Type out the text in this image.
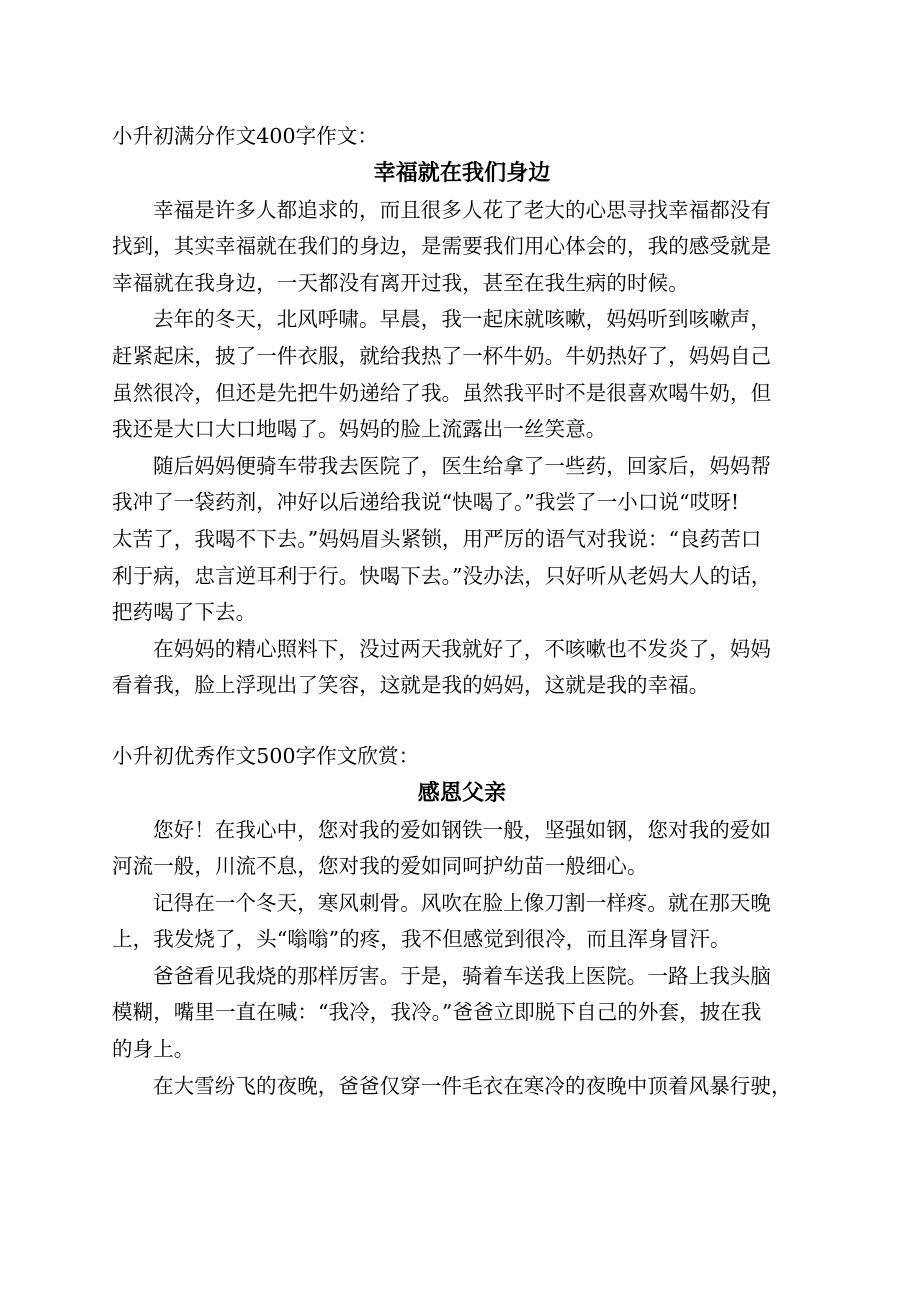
小升初满分作文400字作文：

幸福就在我们身边

幸福是许多人都追求的，而且很多人花了老大的心思寻找幸福都没有
找到，其实幸福就在我们的身边，是需要我们用心体会的，我的感受就是
幸福就在我身边，一天都没有离开过我，甚至在我生病的时候。

去年的冬天，北风呼啸。早晨，我一起床就咳嗽，妈妈听到咳嗽声，
赶紧起床，披了一件衣服，就给我热了一杯牛奶。牛奶热好了，妈妈自己
虽然很冷，但还是先把牛奶递给了我。虽然我平时不是很喜欢喝牛奶，但
我还是大口大口地喝了。妈妈的脸上流露出一丝笑意。

随后妈妈便骑车带我去医院了，医生给拿了一些药，回家后，妈妈帮
我冲了一袋药剂，冲好以后递给我说“快喝了。”我尝了一小口说“哎呀!
太苦了，我喝不下去。”妈妈眉头紧锁，用严厉的语气对我说：“良药苦口
利于病，忠言逆耳利于行。快喝下去。”没办法，只好听从老妈大人的话，
把药喝了下去。

在妈妈的精心照料下，没过两天我就好了，不咳嗽也不发炎了，妈妈
看着我，脸上浮现出了笑容，这就是我的妈妈，这就是我的幸福。

小升初优秀作文500字作文欣赏：

感恩父亲

您好！在我心中，您对我的爱如钢铁一般，坚强如钢，您对我的爱如
河流一般，川流不息，您对我的爱如同呵护幼苗一般细心。

记得在一个冬天，寒风刺骨。风吹在脸上像刀割一样疼。就在那天晚
上，我发烧了，头“嗡嗡”的疼，我不但感觉到很冷，而且浑身冒汗。

爸爸看见我烧的那样厉害。于是，骑着车送我上医院。一路上我头脑
模糊，嘴里一直在喊：“我冷，我冷。”爸爸立即脱下自己的外套，披在我
的身上。

在大雪纷飞的夜晚，爸爸仅穿一件毛衣在寒冷的夜晚中顶着风暴行驶，
